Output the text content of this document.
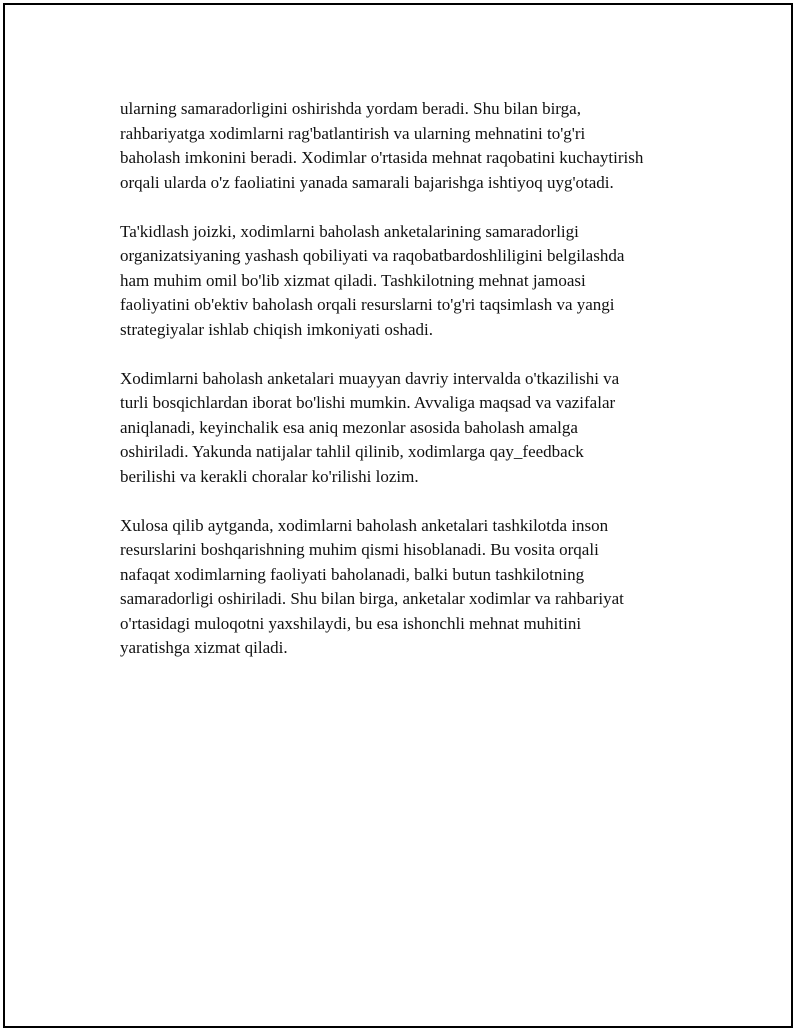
ularning samaradorligini oshirishda yordam beradi. Shu bilan birga,
rahbariyatga xodimlarni rag'batlantirish va ularning mehnatini to'g'ri
baholash imkonini beradi. Xodimlar o'rtasida mehnat raqobatini kuchaytirish
orqali ularda o'z faoliatini yanada samarali bajarishga ishtiyoq uyg'otadi.

Ta'kidlash joizki, xodimlarni baholash anketalarining samaradorligi
organizatsiyaning yashash qobiliyati va raqobatbardoshliligini belgilashda
ham muhim omil bo'lib xizmat qiladi. Tashkilotning mehnat jamoasi
faoliyatini ob'ektiv baholash orqali resurslarni to'g'ri taqsimlash va yangi
strategiyalar ishlab chiqish imkoniyati oshadi.

Xodimlarni baholash anketalari muayyan davriy intervalda o'tkazilishi va
turli bosqichlardan iborat bo'lishi mumkin. Avvaliga maqsad va vazifalar
aniqlanadi, keyinchalik esa aniq mezonlar asosida baholash amalga
oshiriladi. Yakunda natijalar tahlil qilinib, xodimlarga qay_feedback
berilishi va kerakli choralar ko'rilishi lozim.

Xulosa qilib aytganda, xodimlarni baholash anketalari tashkilotda inson
resurslarini boshqarishning muhim qismi hisoblanadi. Bu vosita orqali
nafaqat xodimlarning faoliyati baholanadi, balki butun tashkilotning
samaradorligi oshiriladi. Shu bilan birga, anketalar xodimlar va rahbariyat
o'rtasidagi muloqotni yaxshilaydi, bu esa ishonchli mehnat muhitini
yaratishga xizmat qiladi.
